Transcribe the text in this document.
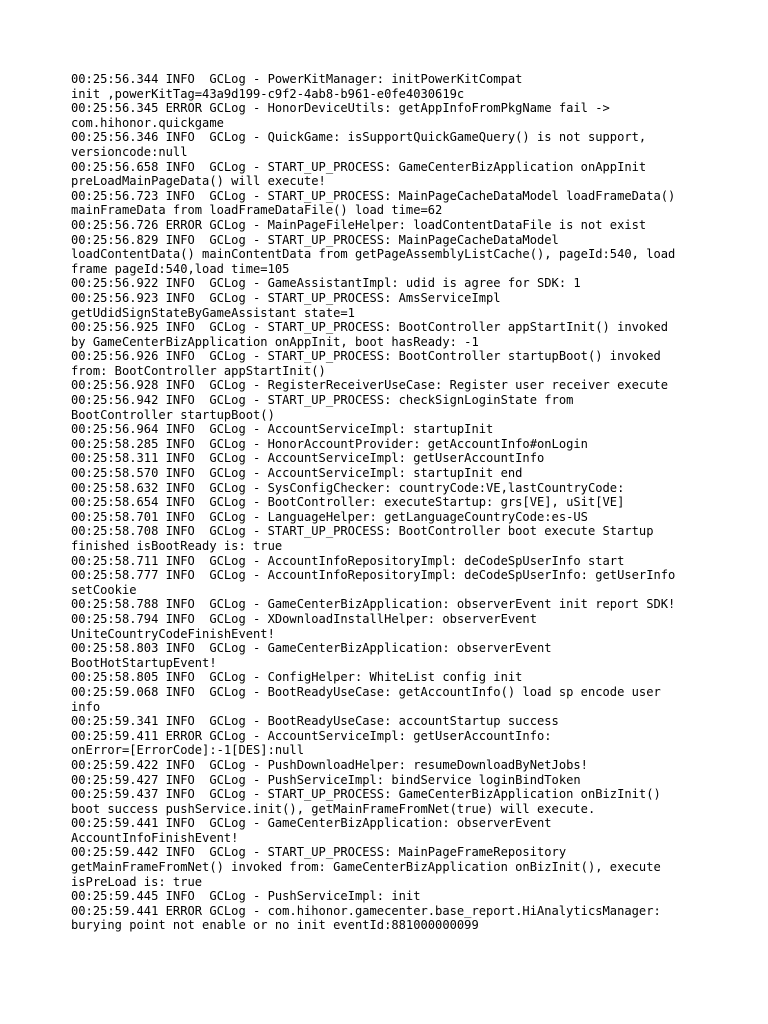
00:25:56.344 INFO  GCLog - PowerKitManager: initPowerKitCompat
init ,powerKitTag=43a9d199-c9f2-4ab8-b961-e0fe4030619c
00:25:56.345 ERROR GCLog - HonorDeviceUtils: getAppInfoFromPkgName fail ->
com.hihonor.quickgame
00:25:56.346 INFO  GCLog - QuickGame: isSupportQuickGameQuery() is not support,
versioncode:null
00:25:56.658 INFO  GCLog - START_UP_PROCESS: GameCenterBizApplication onAppInit
preLoadMainPageData() will execute!
00:25:56.723 INFO  GCLog - START_UP_PROCESS: MainPageCacheDataModel loadFrameData()
mainFrameData from loadFrameDataFile() load time=62
00:25:56.726 ERROR GCLog - MainPageFileHelper: loadContentDataFile is not exist
00:25:56.829 INFO  GCLog - START_UP_PROCESS: MainPageCacheDataModel
loadContentData() mainContentData from getPageAssemblyListCache(), pageId:540, load
frame pageId:540,load time=105
00:25:56.922 INFO  GCLog - GameAssistantImpl: udid is agree for SDK: 1
00:25:56.923 INFO  GCLog - START_UP_PROCESS: AmsServiceImpl
getUdidSignStateByGameAssistant state=1
00:25:56.925 INFO  GCLog - START_UP_PROCESS: BootController appStartInit() invoked
by GameCenterBizApplication onAppInit, boot hasReady: -1
00:25:56.926 INFO  GCLog - START_UP_PROCESS: BootController startupBoot() invoked
from: BootController appStartInit()
00:25:56.928 INFO  GCLog - RegisterReceiverUseCase: Register user receiver execute
00:25:56.942 INFO  GCLog - START_UP_PROCESS: checkSignLoginState from
BootController startupBoot()
00:25:56.964 INFO  GCLog - AccountServiceImpl: startupInit
00:25:58.285 INFO  GCLog - HonorAccountProvider: getAccountInfo#onLogin
00:25:58.311 INFO  GCLog - AccountServiceImpl: getUserAccountInfo
00:25:58.570 INFO  GCLog - AccountServiceImpl: startupInit end
00:25:58.632 INFO  GCLog - SysConfigChecker: countryCode:VE,lastCountryCode:
00:25:58.654 INFO  GCLog - BootController: executeStartup: grs[VE], uSit[VE]
00:25:58.701 INFO  GCLog - LanguageHelper: getLanguageCountryCode:es-US
00:25:58.708 INFO  GCLog - START_UP_PROCESS: BootController boot execute Startup
finished isBootReady is: true
00:25:58.711 INFO  GCLog - AccountInfoRepositoryImpl: deCodeSpUserInfo start
00:25:58.777 INFO  GCLog - AccountInfoRepositoryImpl: deCodeSpUserInfo: getUserInfo
setCookie
00:25:58.788 INFO  GCLog - GameCenterBizApplication: observerEvent init report SDK!
00:25:58.794 INFO  GCLog - XDownloadInstallHelper: observerEvent
UniteCountryCodeFinishEvent!
00:25:58.803 INFO  GCLog - GameCenterBizApplication: observerEvent
BootHotStartupEvent!
00:25:58.805 INFO  GCLog - ConfigHelper: WhiteList config init
00:25:59.068 INFO  GCLog - BootReadyUseCase: getAccountInfo() load sp encode user
info
00:25:59.341 INFO  GCLog - BootReadyUseCase: accountStartup success
00:25:59.411 ERROR GCLog - AccountServiceImpl: getUserAccountInfo:
onError=[ErrorCode]:-1[DES]:null
00:25:59.422 INFO  GCLog - PushDownloadHelper: resumeDownloadByNetJobs!
00:25:59.427 INFO  GCLog - PushServiceImpl: bindService loginBindToken
00:25:59.437 INFO  GCLog - START_UP_PROCESS: GameCenterBizApplication onBizInit()
boot success pushService.init(), getMainFrameFromNet(true) will execute.
00:25:59.441 INFO  GCLog - GameCenterBizApplication: observerEvent
AccountInfoFinishEvent!
00:25:59.442 INFO  GCLog - START_UP_PROCESS: MainPageFrameRepository
getMainFrameFromNet() invoked from: GameCenterBizApplication onBizInit(), execute
isPreLoad is: true
00:25:59.445 INFO  GCLog - PushServiceImpl: init
00:25:59.441 ERROR GCLog - com.hihonor.gamecenter.base_report.HiAnalyticsManager:
burying point not enable or no init eventId:881000000099
